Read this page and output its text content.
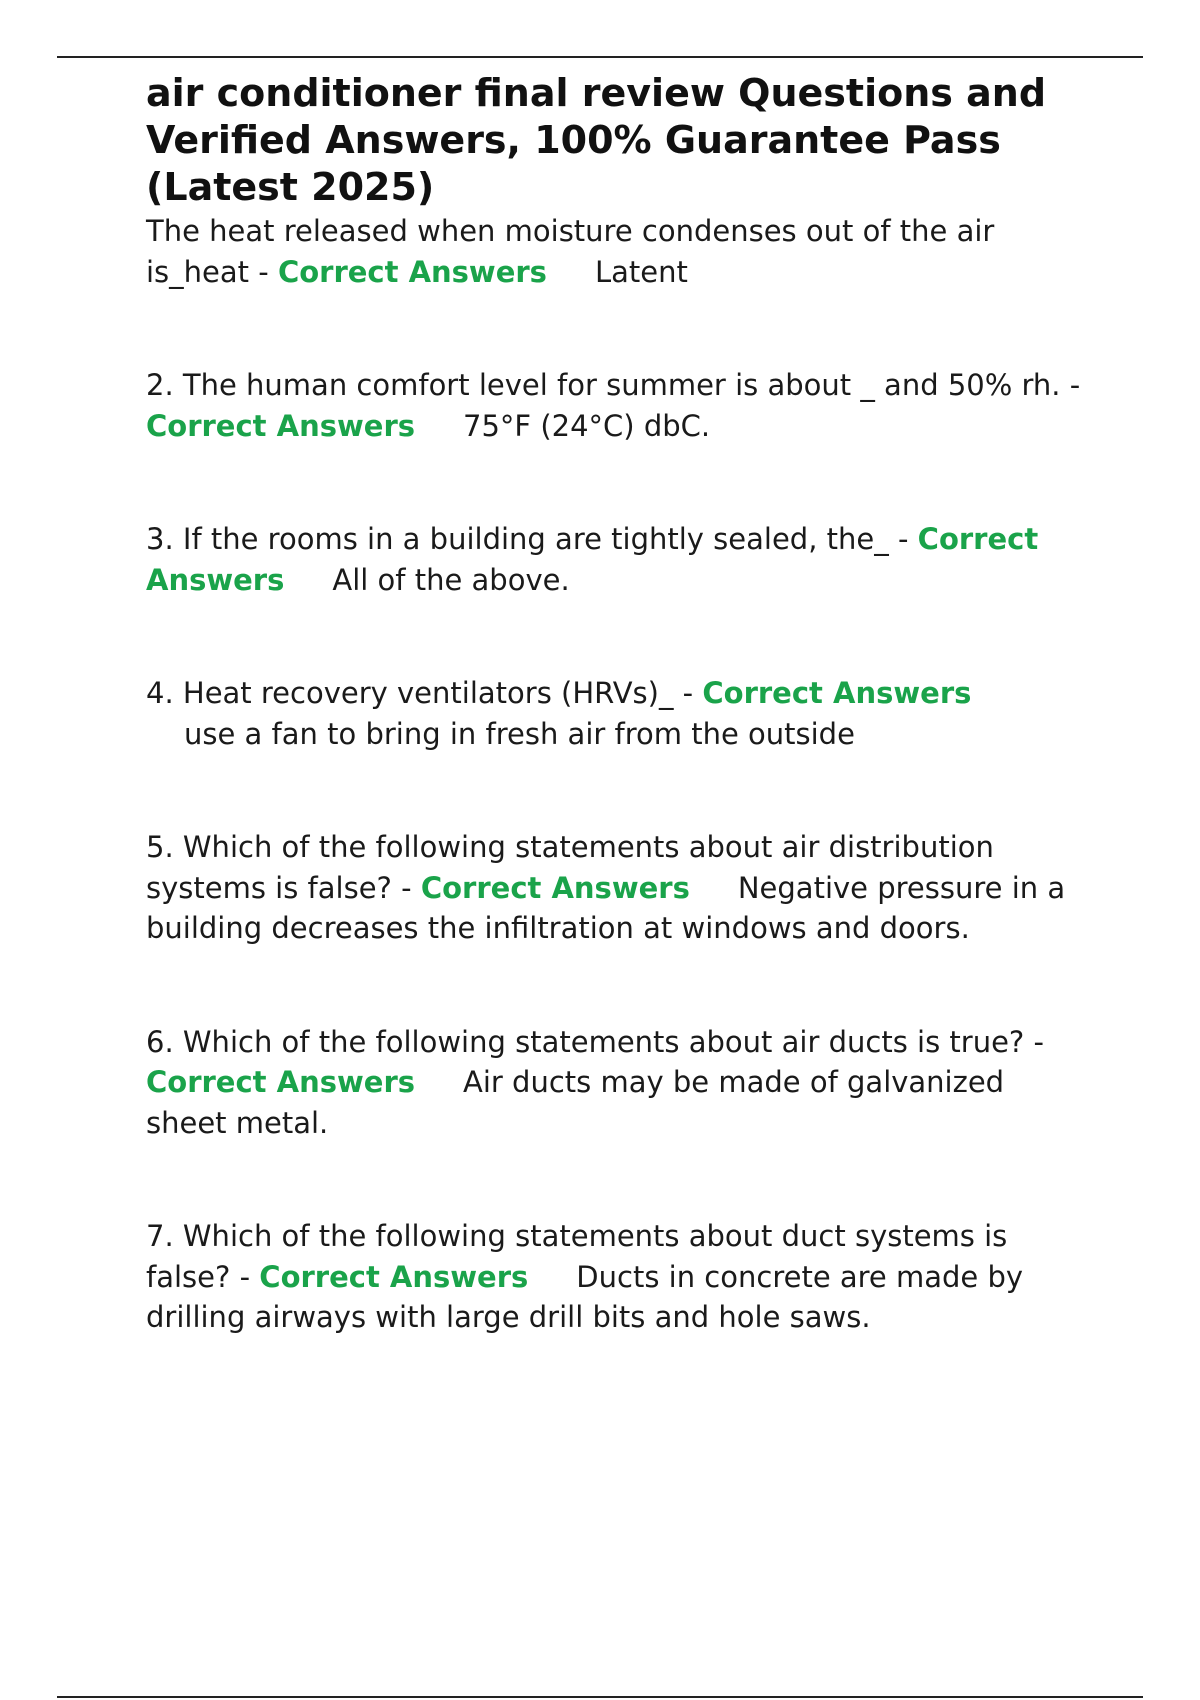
air conditioner final review Questions and Verified Answers, 100% Guarantee Pass (Latest 2025)

The heat released when moisture condenses out of the air is_heat - Correct Answers Latent

2. The human comfort level for summer is about _ and 50% rh. - Correct Answers 75°F (24°C) dbC.

3. If the rooms in a building are tightly sealed, the_ - Correct Answers All of the above.

4. Heat recovery ventilators (HRVs)_ - Correct Answers
use a fan to bring in fresh air from the outside

5. Which of the following statements about air distribution systems is false? - Correct Answers Negative pressure in a building decreases the infiltration at windows and doors.

6. Which of the following statements about air ducts is true? - Correct Answers Air ducts may be made of galvanized sheet metal.

7. Which of the following statements about duct systems is false? - Correct Answers Ducts in concrete are made by drilling airways with large drill bits and hole saws.
